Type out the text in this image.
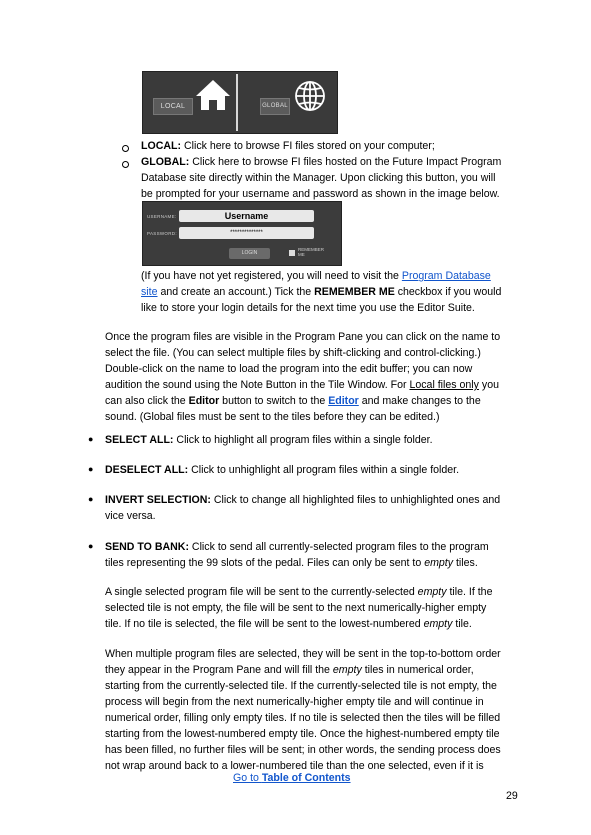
LOCAL	GLOBAL
LOCAL: Click here to browse FI files stored on your computer;
GLOBAL: Click here to browse FI files hosted on the Future Impact Program
Database site directly within the Manager. Upon clicking this button, you will
be prompted for your username and password as shown in the image below.
USERNAME:	Username
PASSWORD:	**************
LOGIN
REMEMBER ME
(If you have not yet registered, you will need to visit the Program Database
site and create an account.) Tick the REMEMBER ME checkbox if you would
like to store your login details for the next time you use the Editor Suite.
Once the program files are visible in the Program Pane you can click on the name to
select the file. (You can select multiple files by shift-clicking and control-clicking.)
Double-click on the name to load the program into the edit buffer; you can now
audition the sound using the Note Button in the Tile Window. For Local files only you
can also click the Editor button to switch to the Editor and make changes to the
sound. (Global files must be sent to the tiles before they can be edited.)
● SELECT ALL: Click to highlight all program files within a single folder.
● DESELECT ALL: Click to unhighlight all program files within a single folder.
● INVERT SELECTION: Click to change all highlighted files to unhighlighted ones and
vice versa.
● SEND TO BANK: Click to send all currently-selected program files to the program
tiles representing the 99 slots of the pedal. Files can only be sent to empty tiles.
A single selected program file will be sent to the currently-selected empty tile. If the
selected tile is not empty, the file will be sent to the next numerically-higher empty
tile. If no tile is selected, the file will be sent to the lowest-numbered empty tile.
When multiple program files are selected, they will be sent in the top-to-bottom order
they appear in the Program Pane and will fill the empty tiles in numerical order,
starting from the currently-selected tile. If the currently-selected tile is not empty, the
process will begin from the next numerically-higher empty tile and will continue in
numerical order, filling only empty tiles. If no tile is selected then the tiles will be filled
starting from the lowest-numbered empty tile. Once the highest-numbered empty tile
has been filled, no further files will be sent; in other words, the sending process does
not wrap around back to a lower-numbered tile than the one selected, even if it is
Go to Table of Contents
29
